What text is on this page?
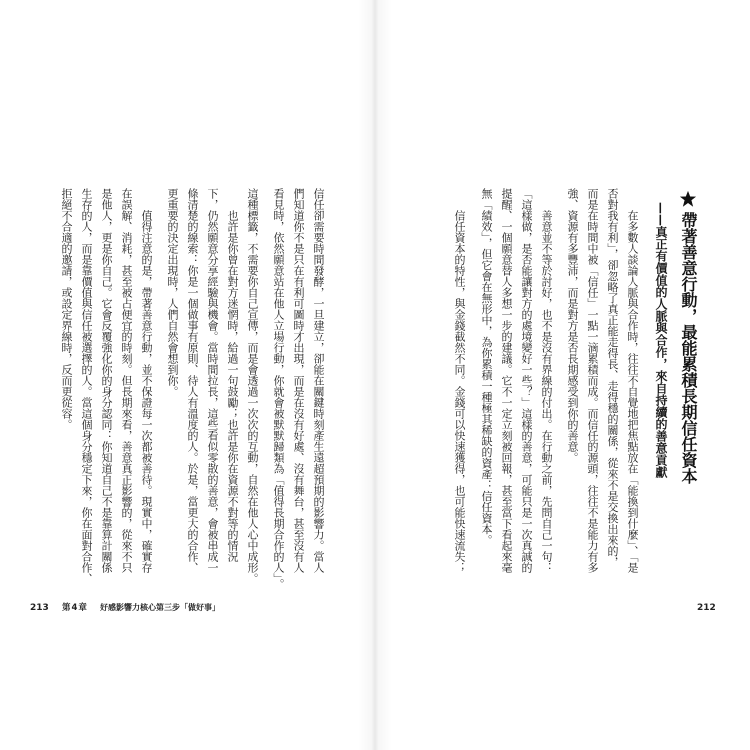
信任卻需要時間發酵，一旦建立，卻能在關鍵時刻產生遠超預期的影響力。當人
們知道你不是只在有利可圖時才出現，而是在沒有好處、沒有舞台，甚至沒有人
看見時，依然願意站在他人立場行動，你就會被默默歸類為「值得長期合作的人」。
這種標籤，不需要你自己宣傳，而是會透過一次次的互動，自然在他人心中成形。
也許是你曾在對方迷惘時，給過一句鼓勵；也許是你在資源不對等的情況
下，仍然願意分享經驗與機會。當時間拉長，這些看似零散的善意，會被串成一
條清楚的線索：你是一個做事有原則、待人有溫度的人。於是，當更大的合作、
更重要的決定出現時，人們自然會想到你。
值得注意的是，帶著善意行動，並不保證每一次都被善待。現實中，確實存
在誤解、消耗，甚至被占便宜的時刻。但長期來看，善意真正影響的，從來不只
是他人，更是你自己。它會反覆強化你的身分認同：你知道自己不是靠算計關係
生存的人，而是靠價值與信任被選擇的人。當這個身分穩定下來，你在面對合作、
拒絕不合適的邀請，或設定界線時，反而更從容。
213 第4章 好感影響力核心第三步「做好事」
帶著善意行動，最能累積長期信任資本
——真正有價值的人脈與合作，來自持續的善意貢獻
在多數人談論人脈與合作時，往往不自覺地把焦點放在「能換到什麼」、「是
否對我有利」，卻忽略了真正能走得長、走得穩的關係，從來不是交換出來的，
而是在時間中被「信任」一點一滴累積而成。而信任的源頭，往往不是能力有多
強、資源有多豐沛，而是對方是否長期感受到你的善意。
善意並不等於討好，也不是沒有界線的付出。在行動之前，先問自己一句：
「這樣做，是否能讓對方的處境變好一些？」這樣的善意，可能只是一次真誠的
提醒、一個願意替人多想一步的建議。它不一定立刻被回報，甚至當下看起來毫
無「績效」，但它會在無形中，為你累積一種極其稀缺的資產：信任資本。
信任資本的特性，與金錢截然不同。金錢可以快速獲得，也可能快速流失；
212
